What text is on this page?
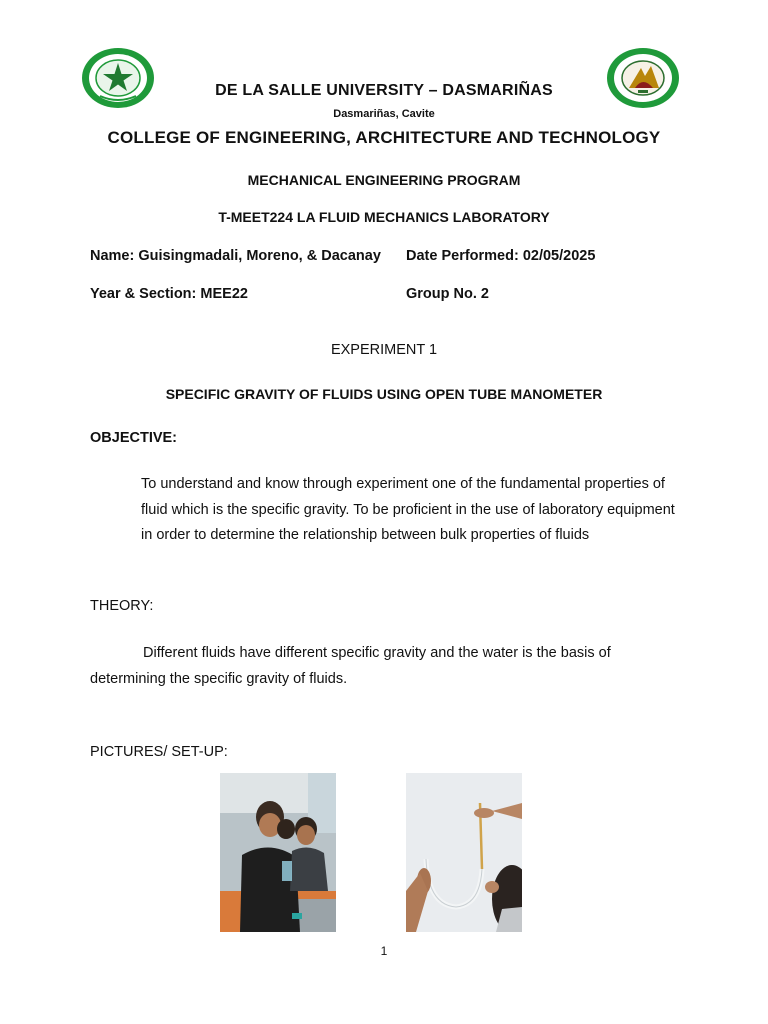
DE LA SALLE UNIVERSITY – DASMARIÑAS
Dasmariñas, Cavite
COLLEGE OF ENGINEERING, ARCHITECTURE AND TECHNOLOGY
MECHANICAL ENGINEERING PROGRAM
T-MEET224 LA FLUID MECHANICS LABORATORY
Name: Guisingmadali, Moreno, & Dacanay Date Performed: 02/05/2025
Year & Section: MEE22	Group No. 2
EXPERIMENT 1
SPECIFIC GRAVITY OF FLUIDS USING OPEN TUBE MANOMETER
OBJECTIVE:
To understand and know through experiment one of the fundamental properties of fluid which is the specific gravity. To be proficient in the use of laboratory equipment in order to determine the relationship between bulk properties of fluids
THEORY:
Different fluids have different specific gravity and the water is the basis of determining the specific gravity of fluids.
PICTURES/ SET-UP:
1
